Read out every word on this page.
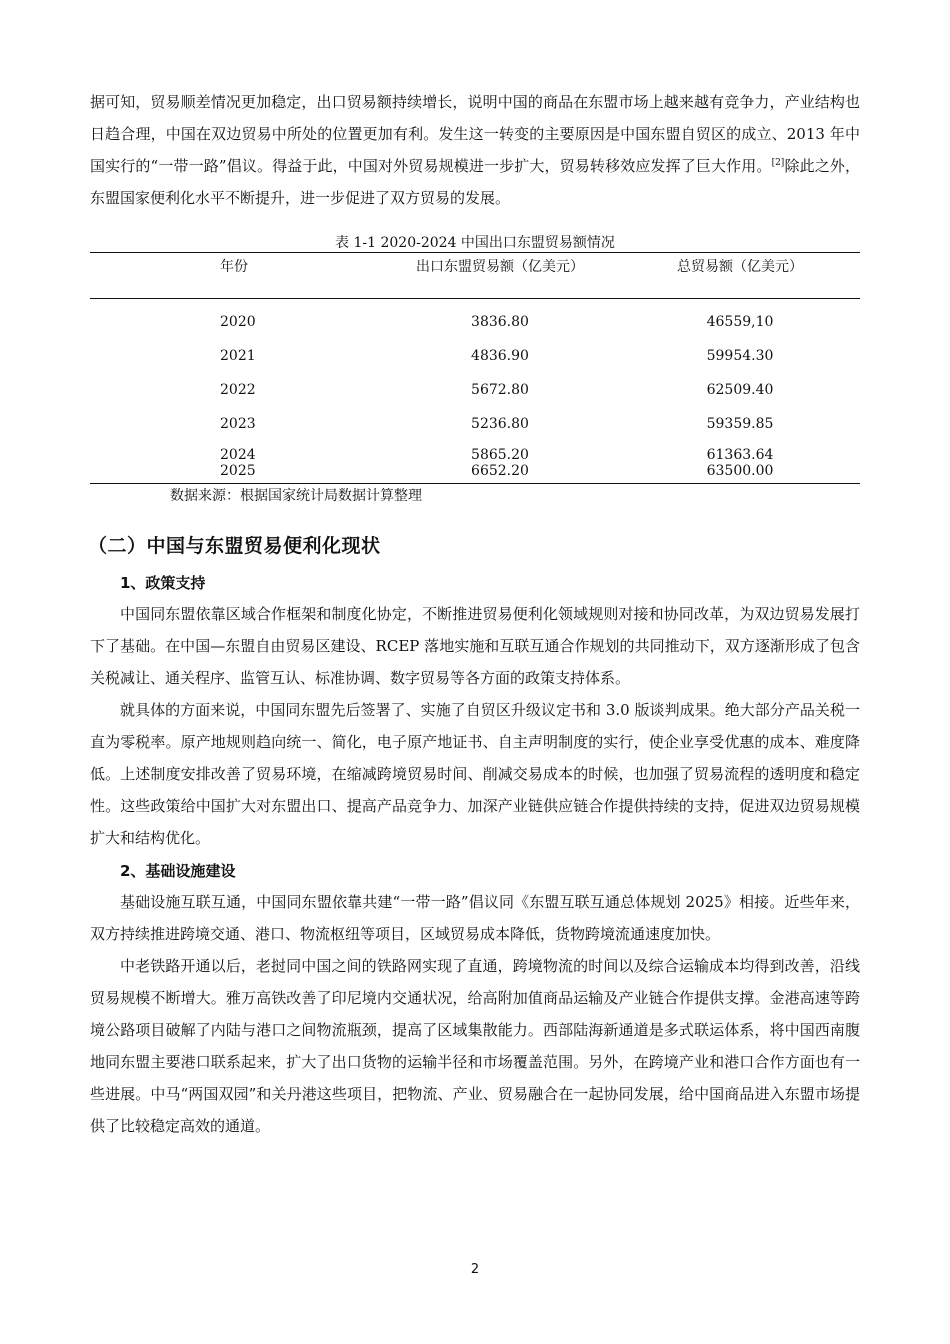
据可知，贸易顺差情况更加稳定，出口贸易额持续增长，说明中国的商品在东盟市场上越来越有竞争力，产业结构也日趋合理，中国在双边贸易中所处的位置更加有利。发生这一转变的主要原因是中国东盟自贸区的成立、2013 年中国实行的“一带一路”倡议。得益于此，中国对外贸易规模进一步扩大，贸易转移效应发挥了巨大作用。[2]除此之外，东盟国家便利化水平不断提升，进一步促进了双方贸易的发展。

表 1-1 2020-2024 中国出口东盟贸易额情况
年份	出口东盟贸易额（亿美元）	总贸易额（亿美元）
2020	3836.80	46559,10
2021	4836.90	59954.30
2022	5672.80	62509.40
2023	5236.80	59359.85
2024	5865.20	61363.64
2025	6652.20	63500.00
数据来源：根据国家统计局数据计算整理
（二）中国与东盟贸易便利化现状
1、政策支持

中国同东盟依靠区域合作框架和制度化协定，不断推进贸易便利化领域规则对接和协同改革，为双边贸易发展打下了基础。在中国—东盟自由贸易区建设、RCEP 落地实施和互联互通合作规划的共同推动下，双方逐渐形成了包含关税减让、通关程序、监管互认、标准协调、数字贸易等各方面的政策支持体系。

就具体的方面来说，中国同东盟先后签署了、实施了自贸区升级议定书和 3.0 版谈判成果。绝大部分产品关税一直为零税率。原产地规则趋向统一、简化，电子原产地证书、自主声明制度的实行，使企业享受优惠的成本、难度降低。上述制度安排改善了贸易环境，在缩减跨境贸易时间、削减交易成本的时候，也加强了贸易流程的透明度和稳定性。这些政策给中国扩大对东盟出口、提高产品竞争力、加深产业链供应链合作提供持续的支持，促进双边贸易规模扩大和结构优化。

2、基础设施建设

基础设施互联互通，中国同东盟依靠共建“一带一路”倡议同《东盟互联互通总体规划 2025》相接。近些年来，双方持续推进跨境交通、港口、物流枢纽等项目，区域贸易成本降低，货物跨境流通速度加快。

中老铁路开通以后，老挝同中国之间的铁路网实现了直通，跨境物流的时间以及综合运输成本均得到改善，沿线贸易规模不断增大。雅万高铁改善了印尼境内交通状况，给高附加值商品运输及产业链合作提供支撑。金港高速等跨境公路项目破解了内陆与港口之间物流瓶颈，提高了区域集散能力。西部陆海新通道是多式联运体系，将中国西南腹地同东盟主要港口联系起来，扩大了出口货物的运输半径和市场覆盖范围。另外，在跨境产业和港口合作方面也有一些进展。中马“两国双园”和关丹港这些项目，把物流、产业、贸易融合在一起协同发展，给中国商品进入东盟市场提供了比较稳定高效的通道。

2
